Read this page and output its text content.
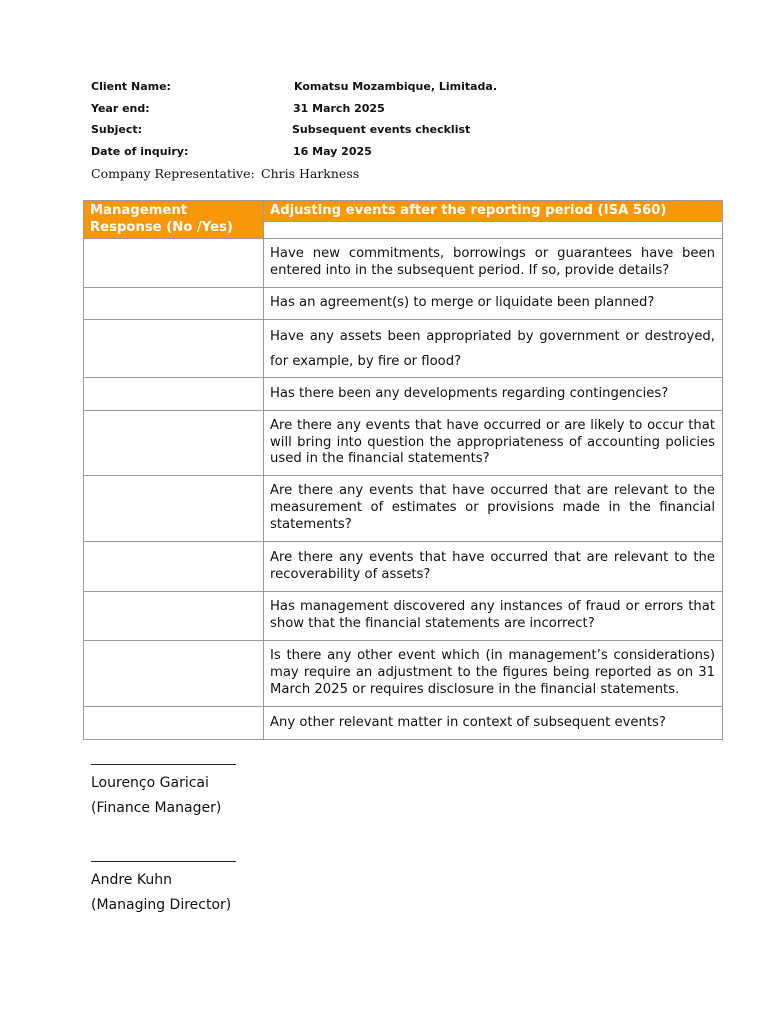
Client Name:	Komatsu Mozambique, Limitada.
Year end:	31 March 2025
Subject:	Subsequent events checklist
Date of inquiry:	16 May 2025
Company Representative: Chris Harkness
Management Response (No /Yes)	Adjusting events after the reporting period (ISA 560)

	Have new commitments, borrowings or guarantees have been entered into in the subsequent period. If so, provide details?
	Has an agreement(s) to merge or liquidate been planned?
	Have any assets been appropriated by government or destroyed, for example, by fire or flood?
	Has there been any developments regarding contingencies?
	Are there any events that have occurred or are likely to occur that will bring into question the appropriateness of accounting policies used in the financial statements?
	Are there any events that have occurred that are relevant to the measurement of estimates or provisions made in the financial statements?
	Are there any events that have occurred that are relevant to the recoverability of assets?
	Has management discovered any instances of fraud or errors that show that the financial statements are incorrect?
	Is there any other event which (in management’s considerations) may require an adjustment to the figures being reported as on 31 March 2025 or requires disclosure in the financial statements.
	Any other relevant matter in context of subsequent events?
Lourenço Garicai
(Finance Manager)
Andre Kuhn
(Managing Director)
